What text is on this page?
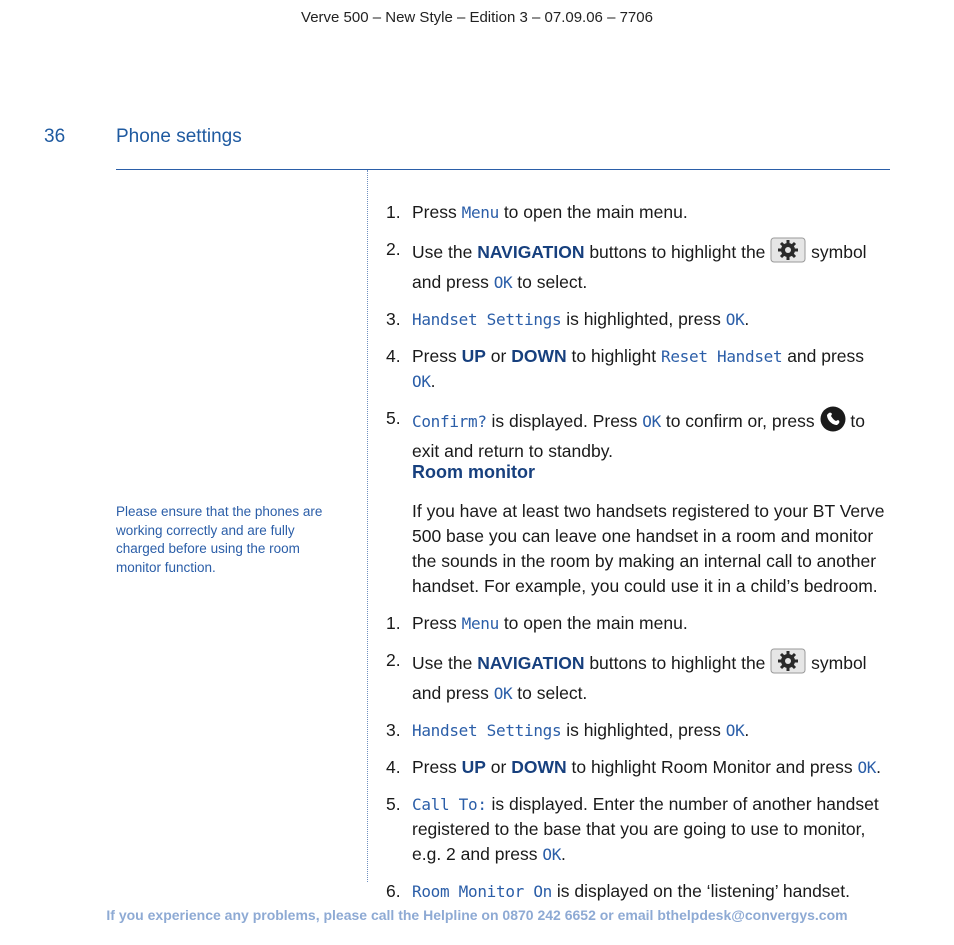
Verve 500 – New Style – Edition 3 – 07.09.06 – 7706
36	Phone settings
Please ensure that the phones are working correctly and are fully charged before using the room monitor function.
1. Press Menu to open the main menu.
2. Use the NAVIGATION buttons to highlight the  symbol and press OK to select.
3. Handset Settings is highlighted, press OK.
4. Press UP or DOWN to highlight Reset Handset and press OK.
5. Confirm? is displayed. Press OK to confirm or, press  to exit and return to standby.
Room monitor
If you have at least two handsets registered to your BT Verve 500 base you can leave one handset in a room and monitor the sounds in the room by making an internal call to another handset. For example, you could use it in a child’s bedroom.
1. Press Menu to open the main menu.
2. Use the NAVIGATION buttons to highlight the  symbol and press OK to select.
3. Handset Settings is highlighted, press OK.
4. Press UP or DOWN to highlight Room Monitor and press OK.
5. Call To: is displayed. Enter the number of another handset registered to the base that you are going to use to monitor, e.g. 2 and press OK.
6. Room Monitor On is displayed on the ‘listening’ handset.
If you experience any problems, please call the Helpline on 0870 242 6652 or email bthelpdesk@convergys.com
